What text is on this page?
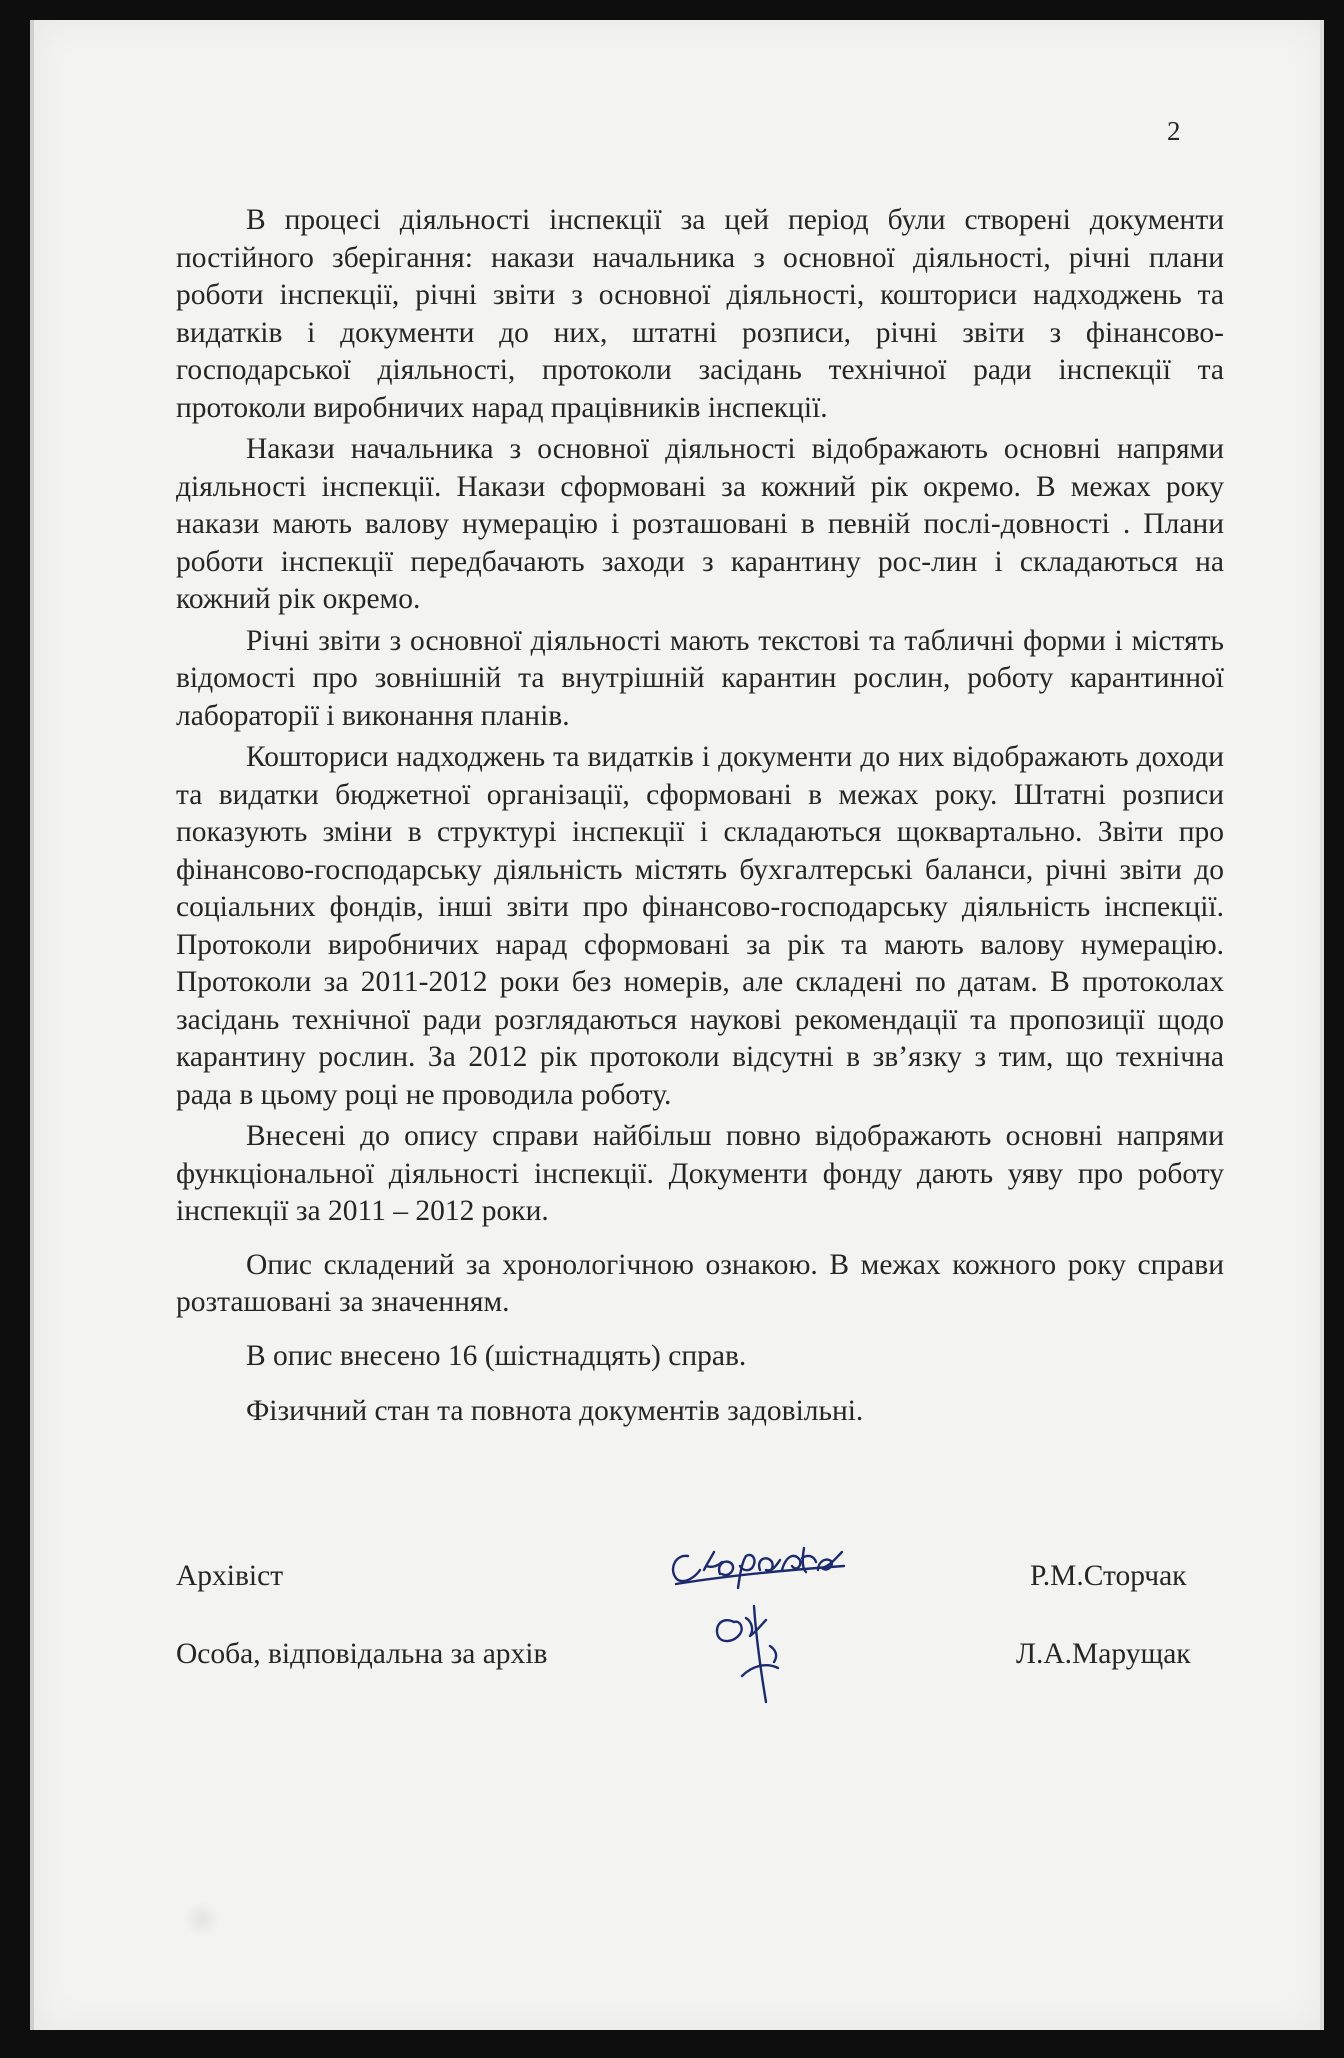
2

В процесі діяльності інспекції за цей період були створені документи постійного зберігання: накази начальника з основної діяльності, річні плани роботи інспекції, річні звіти з основної діяльності, кошториси надходжень та видатків і документи до них, штатні розписи, річні звіти з фінансово-господарської діяльності, протоколи засідань технічної ради інспекції та протоколи виробничих нарад працівників інспекції.

Накази начальника з основної діяльності відображають основні напрями діяльності інспекції. Накази сформовані за кожний рік окремо. В межах року накази мають валову нумерацію і розташовані в певній послі-довності . Плани роботи інспекції передбачають заходи з карантину рос-лин і складаються на кожний рік окремо.

Річні звіти з основної діяльності мають текстові та табличні форми і містять відомості про зовнішній та внутрішній карантин рослин, роботу карантинної лабораторії і виконання планів.

Кошториси надходжень та видатків і документи до них відображають доходи та видатки бюджетної організації, сформовані в межах року. Штатні розписи показують зміни в структурі інспекції і складаються щоквартально. Звіти про фінансово-господарську діяльність містять бухгалтерські баланси, річні звіти до соціальних фондів, інші звіти про фінансово-господарську діяльність інспекції. Протоколи виробничих нарад сформовані за рік та мають валову нумерацію. Протоколи за 2011-2012 роки без номерів, але складені по датам. В протоколах засідань технічної ради розглядаються наукові рекомендації та пропозиції щодо карантину рослин. За 2012 рік протоколи відсутні в зв’язку з тим, що технічна рада в цьому році не проводила роботу.

Внесені до опису справи найбільш повно відображають основні напрями функціональної діяльності інспекції. Документи фонду дають уяву про роботу інспекції за 2011 – 2012 роки.

Опис складений за хронологічною ознакою. В межах кожного року справи розташовані за значенням.

В опис внесено 16 (шістнадцять) справ.

Фізичний стан та повнота документів задовільні.

Архівіст	Р.М.Сторчак
Особа, відповідальна за архів	Л.А.Марущак
